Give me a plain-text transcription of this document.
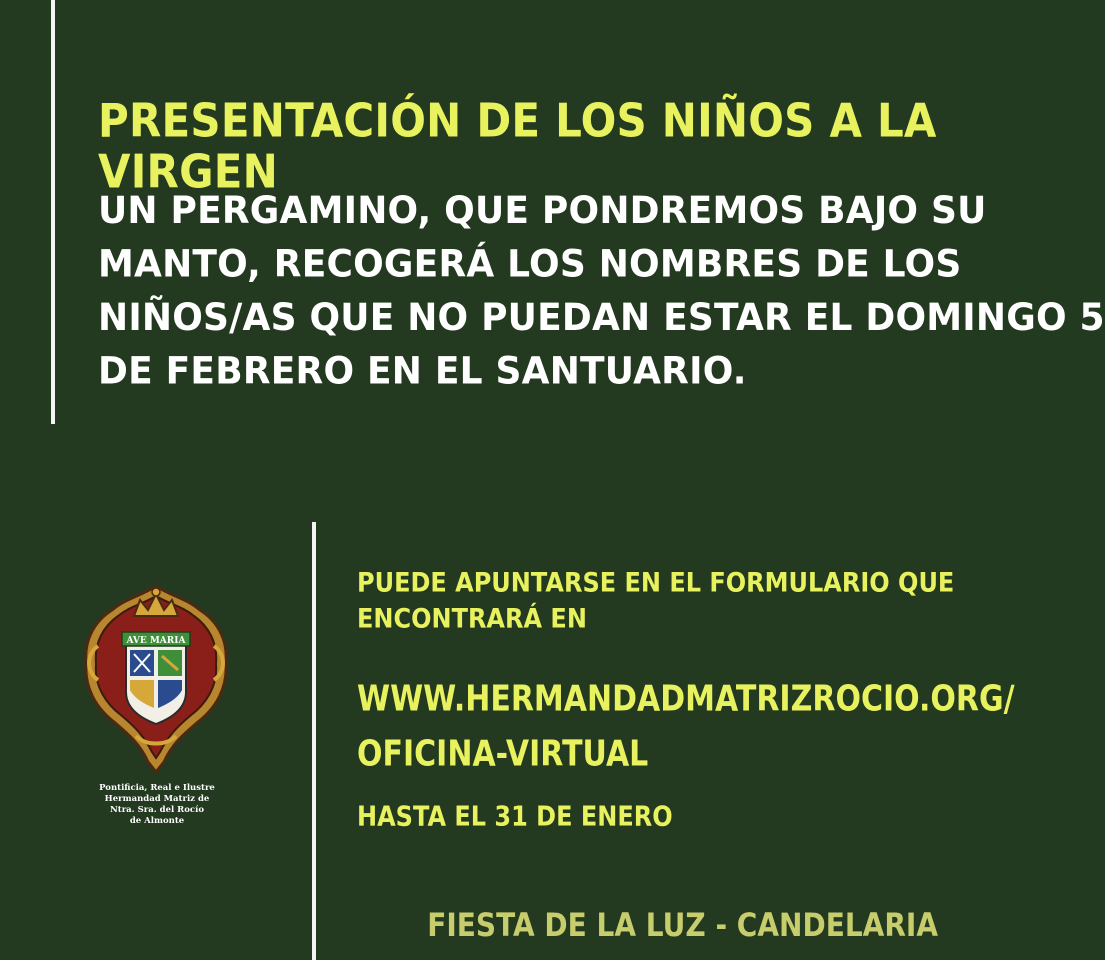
PRESENTACIÓN DE LOS NIÑOS A LA VIRGEN
UN PERGAMINO, QUE PONDREMOS BAJO SU
MANTO, RECOGERÁ LOS NOMBRES DE LOS
NIÑOS/AS QUE NO PUEDAN ESTAR EL DOMINGO 5
DE FEBRERO EN EL SANTUARIO.
AVE MARIA
Pontificia, Real e Ilustre
Hermandad Matriz de
Ntra. Sra. del Rocío
de Almonte
PUEDE APUNTARSE EN EL FORMULARIO QUE
ENCONTRARÁ EN
WWW.HERMANDADMATRIZROCIO.ORG/
OFICINA-VIRTUAL
HASTA EL 31 DE ENERO
FIESTA DE LA LUZ - CANDELARIA
